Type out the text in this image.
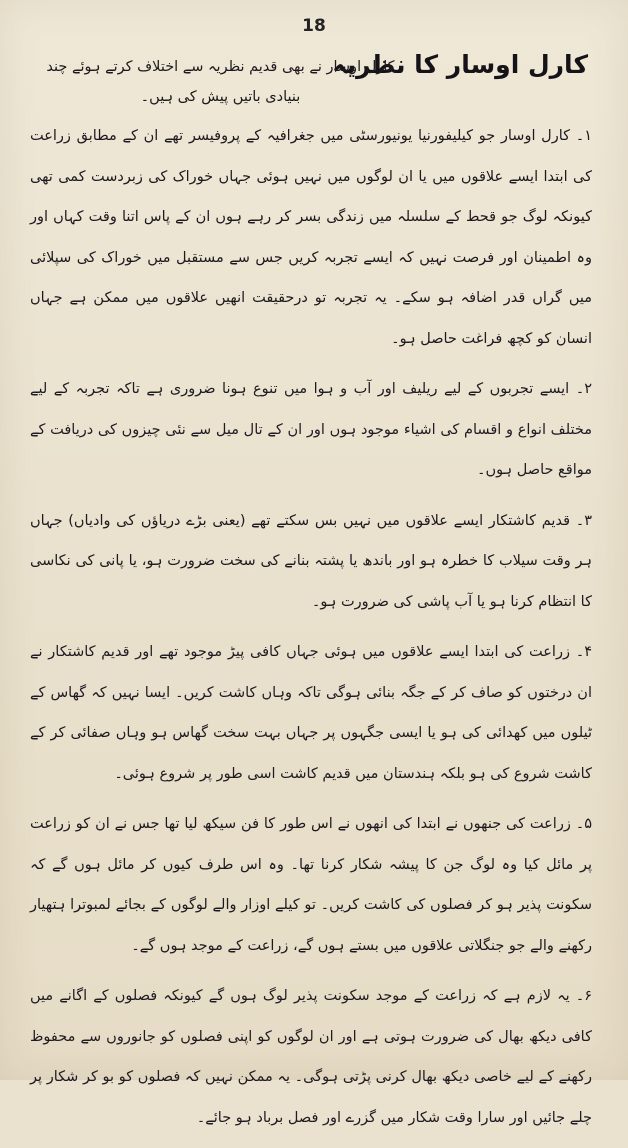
18
کارل اوسار کا نظریہ
کارل اوسار نے بھی قدیم نظریہ سے اختلاف کرتے ہوئے چند بنیادی باتیں پیش کی ہیں۔

۱۔ کارل اوسار جو کیلیفورنیا یونیورسٹی میں جغرافیہ کے پروفیسر تھے ان کے مطابق زراعت کی ابتدا ایسے علاقوں میں یا ان لوگوں میں نہیں ہوئی جہاں خوراک کی زبردست کمی تھی کیونکہ لوگ جو قحط کے سلسلہ میں زندگی بسر کر رہے ہوں ان کے پاس اتنا وقت کہاں اور وہ اطمینان اور فرصت نہیں کہ ایسے تجربہ کریں جس سے مستقبل میں خوراک کی سپلائی میں گراں قدر اضافہ ہو سکے۔ یہ تجربہ تو درحقیقت انھیں علاقوں میں ممکن ہے جہاں انسان کو کچھ فراغت حاصل ہو۔

۲۔ ایسے تجربوں کے لیے ریلیف اور آب و ہوا میں تنوع ہونا ضروری ہے تاکہ تجربہ کے لیے مختلف انواع و اقسام کی اشیاء موجود ہوں اور ان کے تال میل سے نئی چیزوں کی دریافت کے مواقع حاصل ہوں۔

۳۔ قدیم کاشتکار ایسے علاقوں میں نہیں بس سکتے تھے (یعنی بڑے دریاؤں کی وادیاں) جہاں ہر وقت سیلاب کا خطرہ ہو اور باندھ یا پشتہ بنانے کی سخت ضرورت ہو، یا پانی کی نکاسی کا انتظام کرنا ہو یا آب پاشی کی ضرورت ہو۔

۴۔ زراعت کی ابتدا ایسے علاقوں میں ہوئی جہاں کافی پیڑ موجود تھے اور قدیم کاشتکار نے ان درختوں کو صاف کر کے جگہ بنائی ہوگی تاکہ وہاں کاشت کریں۔ ایسا نہیں کہ گھاس کے ٹیلوں میں کھدائی کی ہو یا ایسی جگہوں پر جہاں بہت سخت گھاس ہو وہاں صفائی کر کے کاشت شروع کی ہو بلکہ ہندستان میں قدیم کاشت اسی طور پر شروع ہوئی۔

۵۔ زراعت کی جنھوں نے ابتدا کی انھوں نے اس طور کا فن سیکھ لیا تھا جس نے ان کو زراعت پر مائل کیا وہ لوگ جن کا پیشہ شکار کرنا تھا۔ وہ اس طرف کیوں کر مائل ہوں گے کہ سکونت پذیر ہو کر فصلوں کی کاشت کریں۔ تو کیلے اوزار والے لوگوں کے بجائے لمبوترا ہتھیار رکھنے والے جو جنگلاتی علاقوں میں بستے ہوں گے، زراعت کے موجد ہوں گے۔

۶۔ یہ لازم ہے کہ زراعت کے موجد سکونت پذیر لوگ ہوں گے کیونکہ فصلوں کے اگانے میں کافی دیکھ بھال کی ضرورت ہوتی ہے اور ان لوگوں کو اپنی فصلوں کو جانوروں سے محفوظ رکھنے کے لیے خاصی دیکھ بھال کرنی پڑتی ہوگی۔ یہ ممکن نہیں کہ فصلوں کو بو کر شکار پر چلے جائیں اور سارا وقت شکار میں گزرے اور فصل برباد ہو جائے۔
